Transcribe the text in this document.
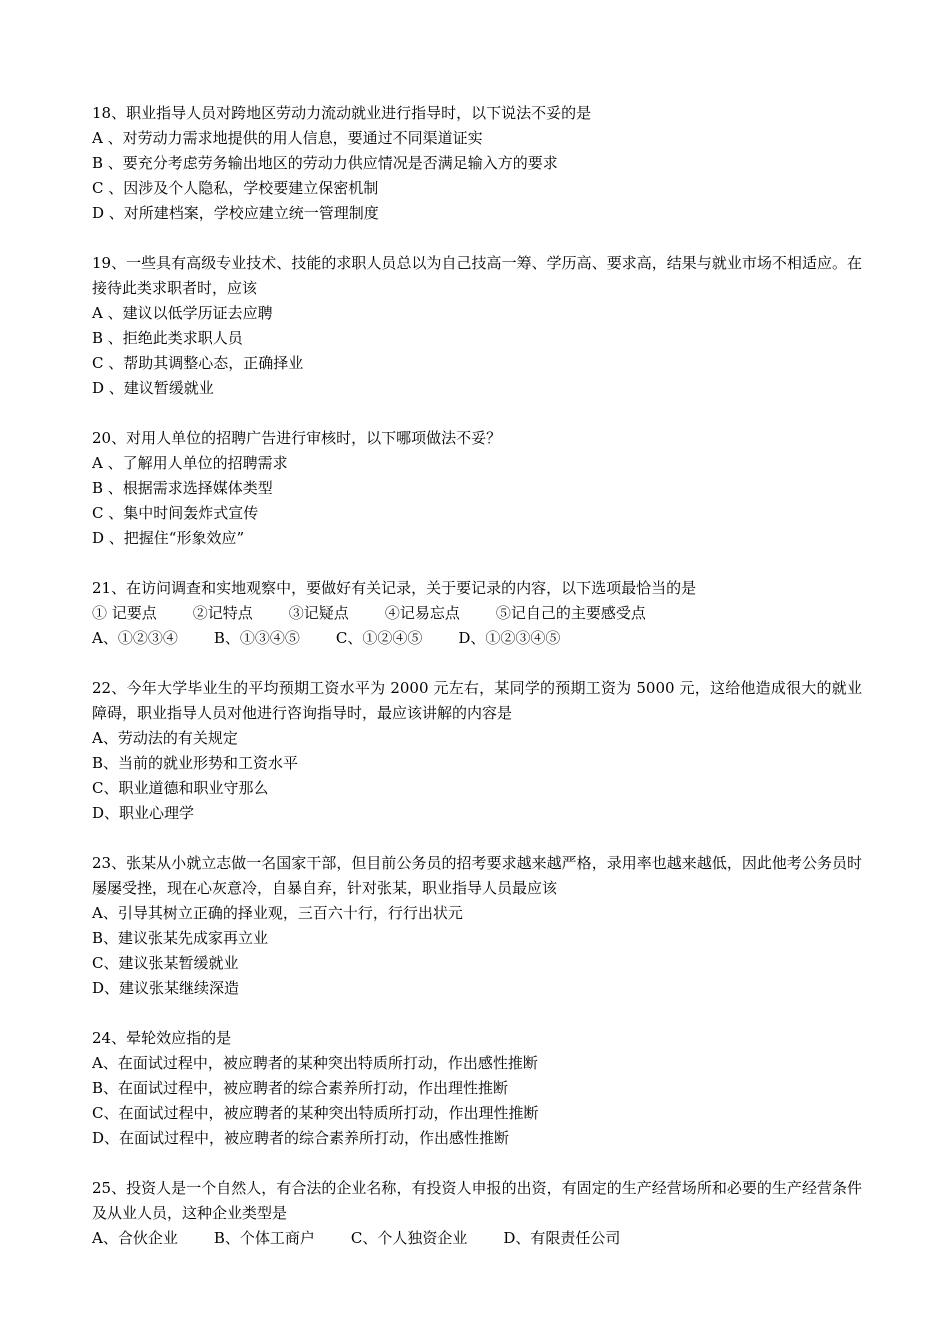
18、职业指导人员对跨地区劳动力流动就业进行指导时，以下说法不妥的是
A 、对劳动力需求地提供的用人信息，要通过不同渠道证实
B 、要充分考虑劳务输出地区的劳动力供应情况是否满足输入方的要求
C 、因涉及个人隐私，学校要建立保密机制
D 、对所建档案，学校应建立统一管理制度
19、一些具有高级专业技术、技能的求职人员总以为自己技高一筹、学历高、要求高，结果与就业市场不相适应。在接待此类求职者时，应该
A 、建议以低学历证去应聘
B 、拒绝此类求职人员
C 、帮助其调整心态，正确择业
D 、建议暂缓就业
20、对用人单位的招聘广告进行审核时，以下哪项做法不妥？
A 、了解用人单位的招聘需求
B 、根据需求选择媒体类型
C 、集中时间轰炸式宣传
D 、把握住“形象效应”
21、在访问调查和实地观察中，要做好有关记录，关于要记录的内容，以下选项最恰当的是
① 记要点 ②记特点 ③记疑点 ④记易忘点 ⑤记自己的主要感受点
A、①②③④ B、①③④⑤ C、①②④⑤ D、①②③④⑤
22、今年大学毕业生的平均预期工资水平为 2000 元左右，某同学的预期工资为 5000 元，这给他造成很大的就业障碍，职业指导人员对他进行咨询指导时，最应该讲解的内容是
A、劳动法的有关规定
B、当前的就业形势和工资水平
C、职业道德和职业守那么
D、职业心理学
23、张某从小就立志做一名国家干部，但目前公务员的招考要求越来越严格，录用率也越来越低，因此他考公务员时屡屡受挫，现在心灰意冷，自暴自弃，针对张某，职业指导人员最应该
A、引导其树立正确的择业观，三百六十行，行行出状元
B、建议张某先成家再立业
C、建议张某暂缓就业
D、建议张某继续深造
24、晕轮效应指的是
A、在面试过程中，被应聘者的某种突出特质所打动，作出感性推断
B、在面试过程中，被应聘者的综合素养所打动，作出理性推断
C、在面试过程中，被应聘者的某种突出特质所打动，作出理性推断
D、在面试过程中，被应聘者的综合素养所打动，作出感性推断
25、投资人是一个自然人，有合法的企业名称，有投资人申报的出资，有固定的生产经营场所和必要的生产经营条件及从业人员，这种企业类型是
A、合伙企业 B、个体工商户 C、个人独资企业 D、有限责任公司
